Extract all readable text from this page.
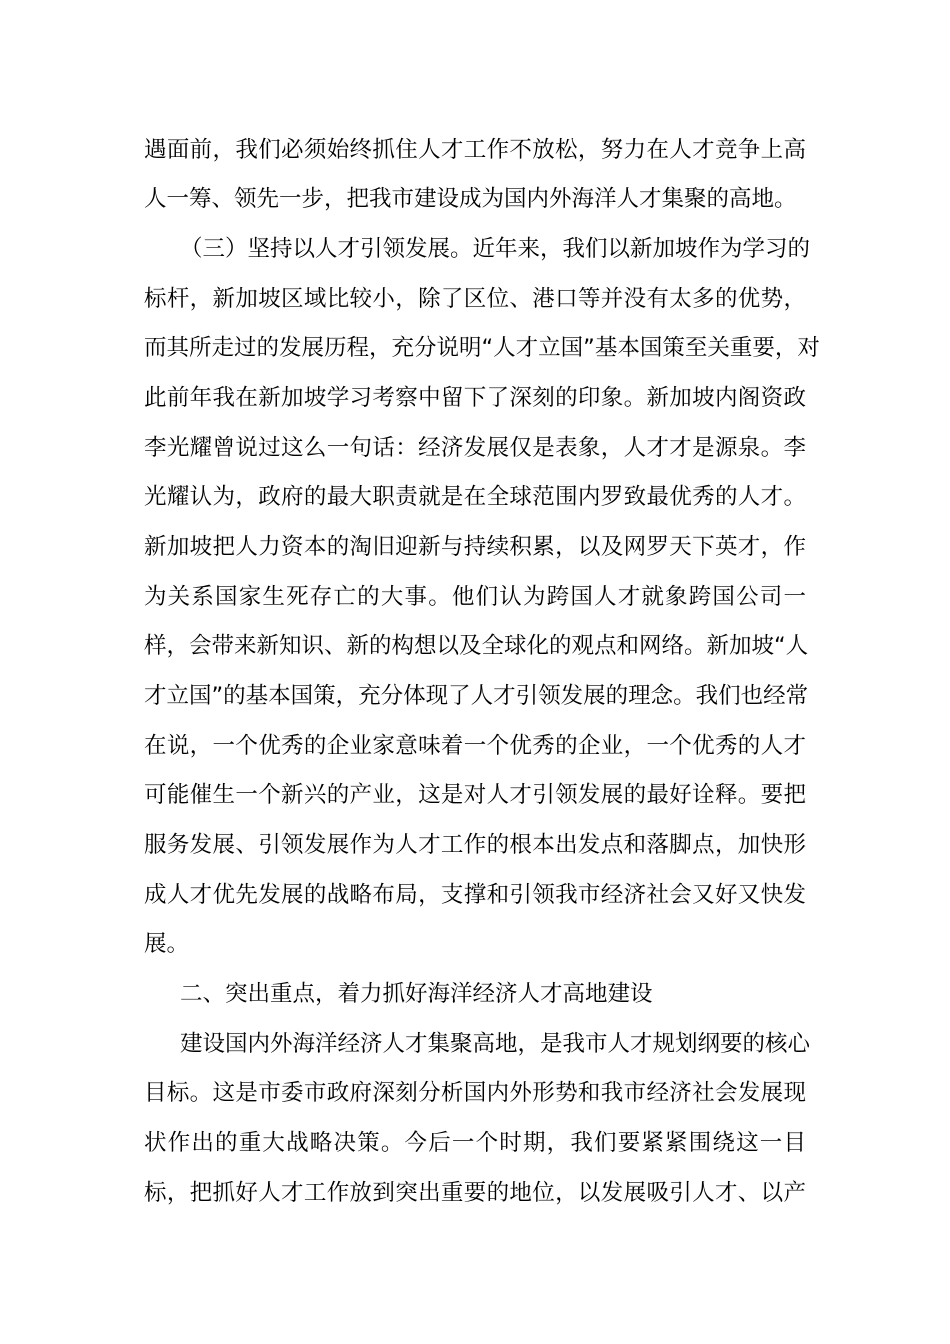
遇面前，我们必须始终抓住人才工作不放松，努力在人才竞争上高
人一筹、领先一步，把我市建设成为国内外海洋人才集聚的高地。
（三）坚持以人才引领发展。近年来，我们以新加坡作为学习的
标杆，新加坡区域比较小，除了区位、港口等并没有太多的优势，
而其所走过的发展历程，充分说明“人才立国”基本国策至关重要，对
此前年我在新加坡学习考察中留下了深刻的印象。新加坡内阁资政
李光耀曾说过这么一句话：经济发展仅是表象，人才才是源泉。李
光耀认为，政府的最大职责就是在全球范围内罗致最优秀的人才。
新加坡把人力资本的淘旧迎新与持续积累，以及网罗天下英才，作
为关系国家生死存亡的大事。他们认为跨国人才就象跨国公司一
样，会带来新知识、新的构想以及全球化的观点和网络。新加坡“人
才立国”的基本国策，充分体现了人才引领发展的理念。我们也经常
在说，一个优秀的企业家意味着一个优秀的企业，一个优秀的人才
可能催生一个新兴的产业，这是对人才引领发展的最好诠释。要把
服务发展、引领发展作为人才工作的根本出发点和落脚点，加快形
成人才优先发展的战略布局，支撑和引领我市经济社会又好又快发
展。
二、突出重点，着力抓好海洋经济人才高地建设
建设国内外海洋经济人才集聚高地，是我市人才规划纲要的核心
目标。这是市委市政府深刻分析国内外形势和我市经济社会发展现
状作出的重大战略决策。今后一个时期，我们要紧紧围绕这一目
标，把抓好人才工作放到突出重要的地位，以发展吸引人才、以产
